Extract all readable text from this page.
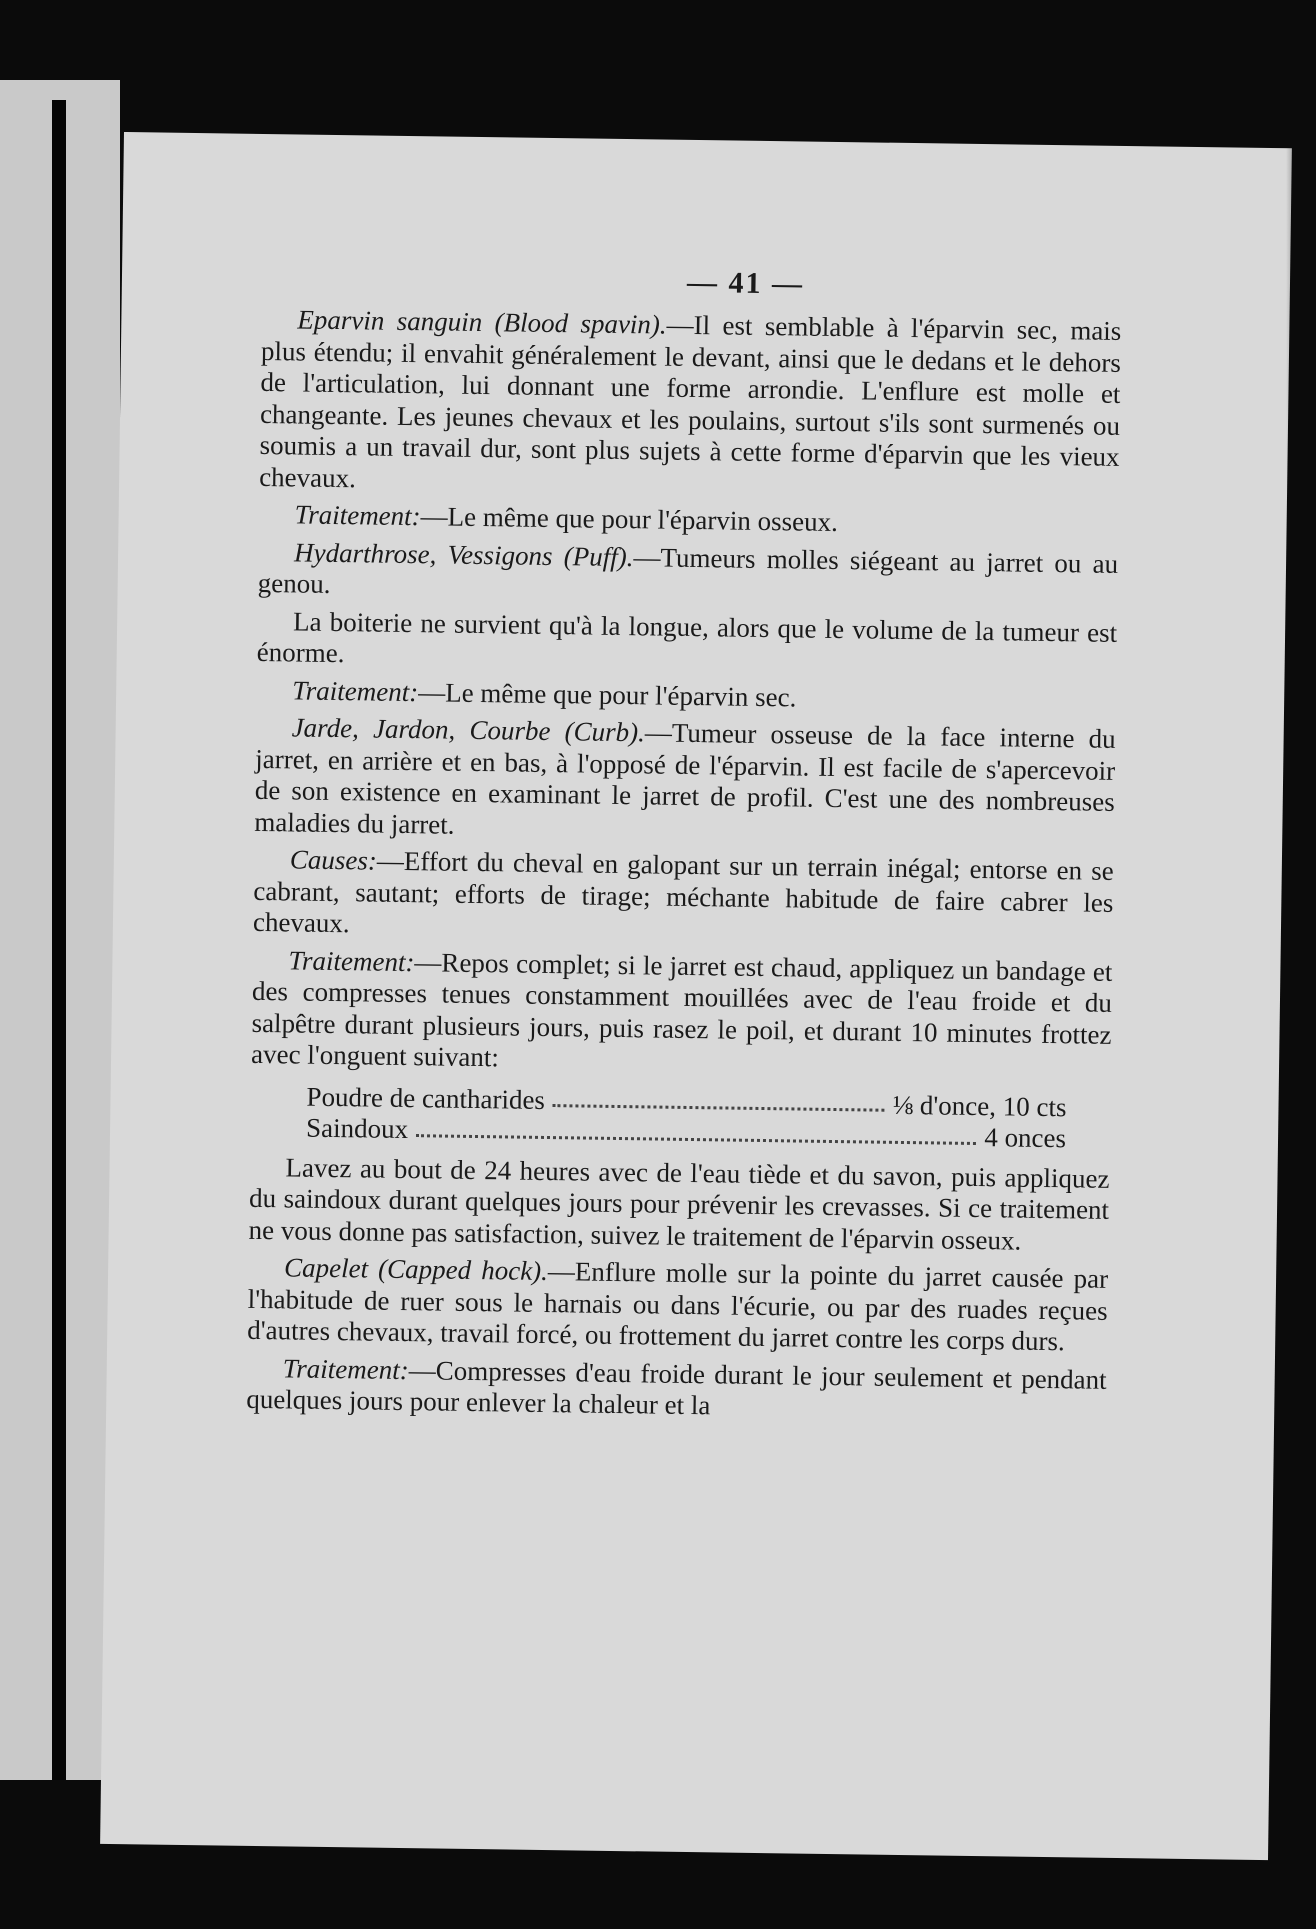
— 41 —

Eparvin sanguin (Blood spavin).—Il est semblable à l'éparvin sec, mais plus étendu; il envahit généralement le devant, ainsi que le dedans et le dehors de l'articulation, lui donnant une forme arrondie. L'enflure est molle et changeante. Les jeunes chevaux et les poulains, surtout s'ils sont surmenés ou soumis a un travail dur, sont plus sujets à cette forme d'éparvin que les vieux chevaux.

Traitement:—Le même que pour l'éparvin osseux.

Hydarthrose, Vessigons (Puff).—Tumeurs molles siégeant au jarret ou au genou.

La boiterie ne survient qu'à la longue, alors que le volume de la tumeur est énorme.

Traitement:—Le même que pour l'éparvin sec.

Jarde, Jardon, Courbe (Curb).—Tumeur osseuse de la face interne du jarret, en arrière et en bas, à l'opposé de l'éparvin. Il est facile de s'apercevoir de son existence en examinant le jarret de profil. C'est une des nombreuses maladies du jarret.

Causes:—Effort du cheval en galopant sur un terrain inégal; entorse en se cabrant, sautant; efforts de tirage; méchante habitude de faire cabrer les chevaux.

Traitement:—Repos complet; si le jarret est chaud, appliquez un bandage et des compresses tenues constamment mouillées avec de l'eau froide et du salpêtre durant plusieurs jours, puis rasez le poil, et durant 10 minutes frottez avec l'onguent suivant:

Poudre de cantharides	⅛ d'once, 10 cts
Saindoux	4 onces

Lavez au bout de 24 heures avec de l'eau tiède et du savon, puis appliquez du saindoux durant quelques jours pour prévenir les crevasses. Si ce traitement ne vous donne pas satisfaction, suivez le traitement de l'éparvin osseux.

Capelet (Capped hock).—Enflure molle sur la pointe du jarret causée par l'habitude de ruer sous le harnais ou dans l'écurie, ou par des ruades reçues d'autres chevaux, travail forcé, ou frottement du jarret contre les corps durs.

Traitement:—Compresses d'eau froide durant le jour seulement et pendant quelques jours pour enlever la chaleur et la
